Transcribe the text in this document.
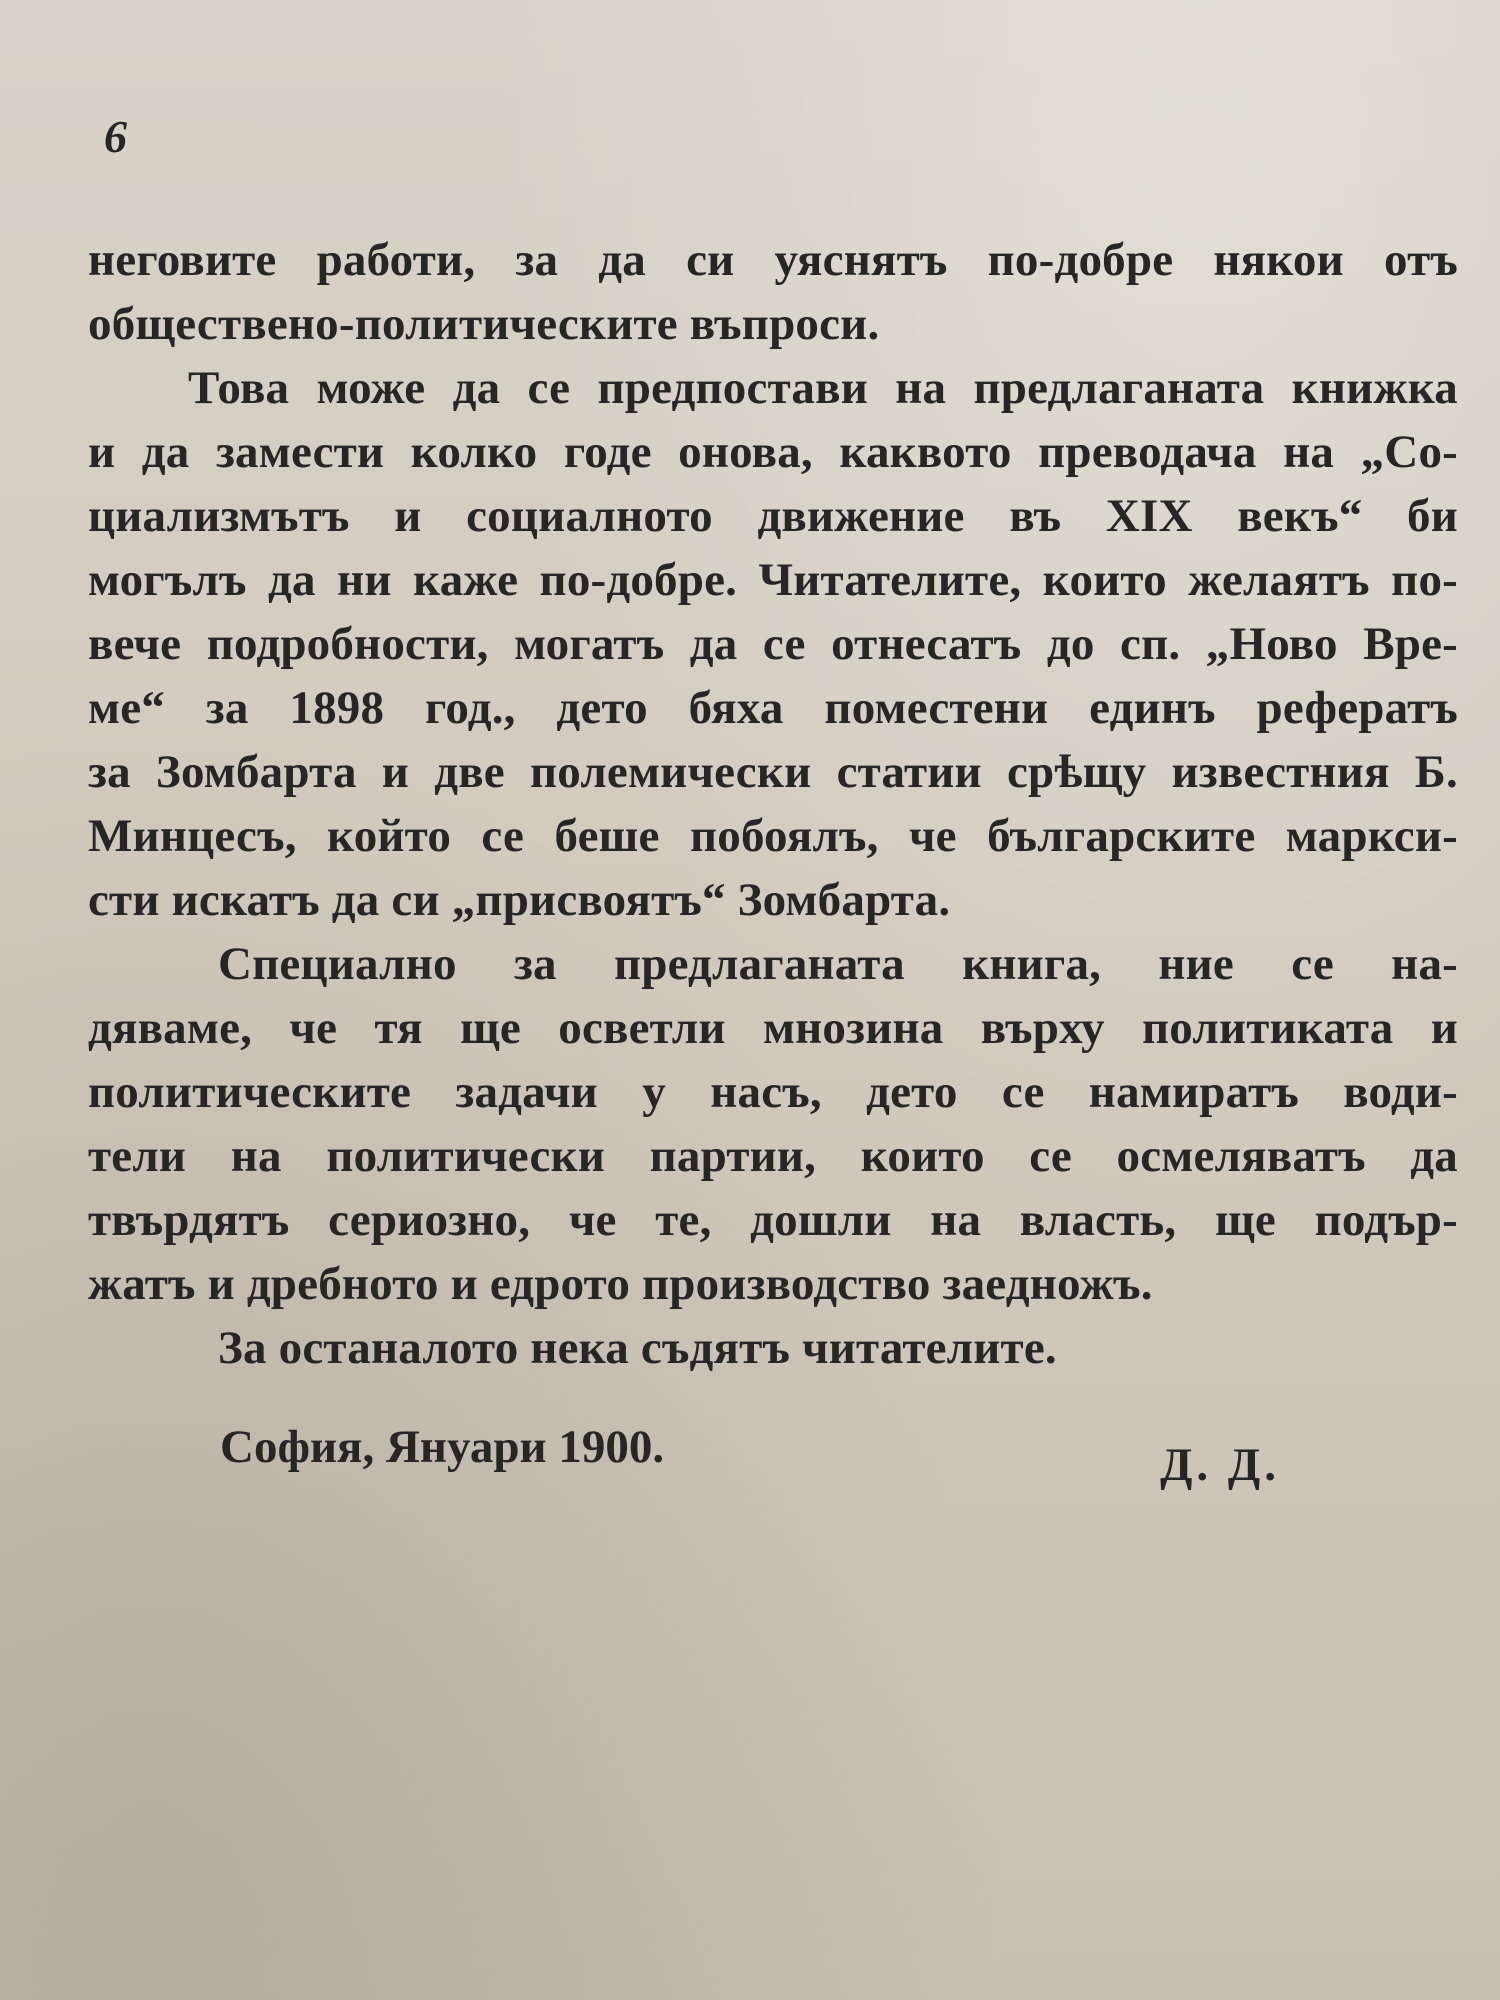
6
неговите работи, за да си уяснятъ по-добре някои отъ
обществено-политическите въпроси.
Това може да се предпостави на предлаганата книжка
и да замести колко годе онова, каквото преводача на „Со-
циализмътъ и социалното движение въ XIX векъ“ би
могълъ да ни каже по-добре. Читателите, които желаятъ по-
вече подробности, могатъ да се отнесатъ до сп. „Ново Вре-
ме“ за 1898 год., дето бяха поместени единъ рефератъ
за Зомбарта и две полемически статии срѣщу известния Б.
Минцесъ, който се беше побоялъ, че българските маркси-
сти искатъ да си „присвоятъ“ Зомбарта.
Специално за предлаганата книга, ние се на-
дяваме, че тя ще осветли мнозина върху политиката и
политическите задачи у насъ, дето се намиратъ води-
тели на политически партии, които се осмеляватъ да
твърдятъ сериозно, че те, дошли на власть, ще подър-
жатъ и дребното и едрото производство заедножъ.
За останалото нека съдятъ читателите.
София, Януари 1900.	Д. Д.
